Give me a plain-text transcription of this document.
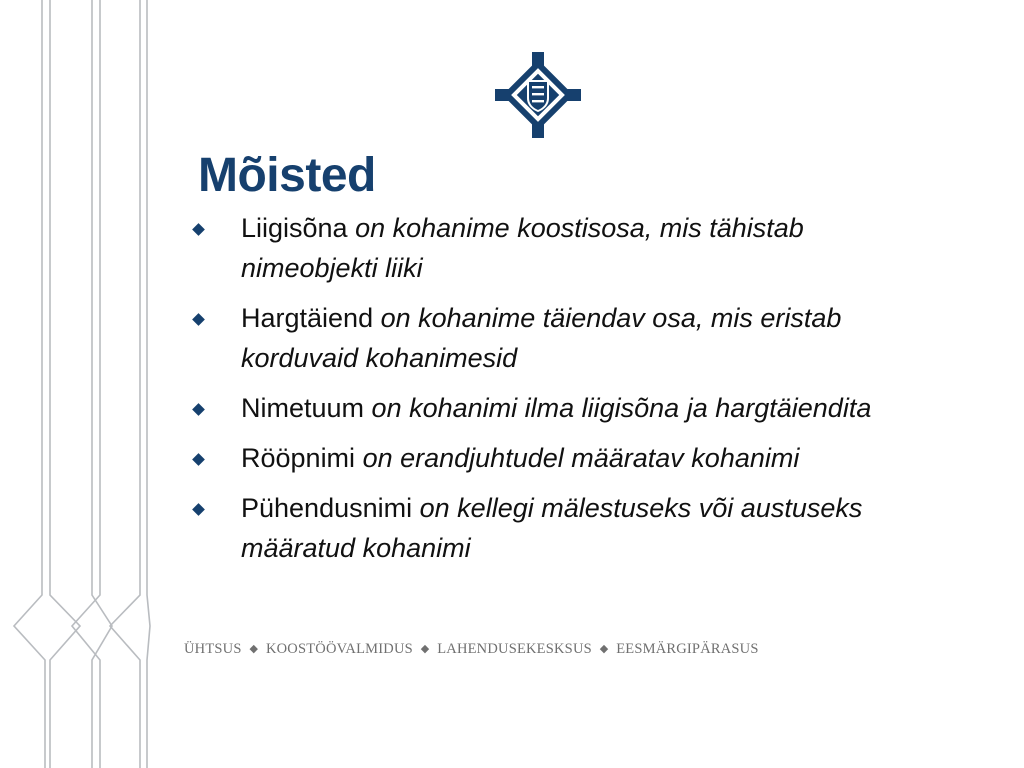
Mõisted
Liigisõna on kohanime koostisosa, mis tähistab nimeobjekti liiki
Hargtäiend on kohanime täiendav osa, mis eristab korduvaid kohanimesid
Nimetuum on kohanimi ilma liigisõna ja hargtäiendita
Rööpnimi on erandjuhtudel määratav kohanimi
Pühendusnimi on kellegi mälestuseks või austuseks määratud kohanimi
ÜHTSUS ◆ KOOSTÖÖVALMIDUS ◆ LAHENDUSEKESKSUS ◆ EESMÄRGIPÄRASUS
